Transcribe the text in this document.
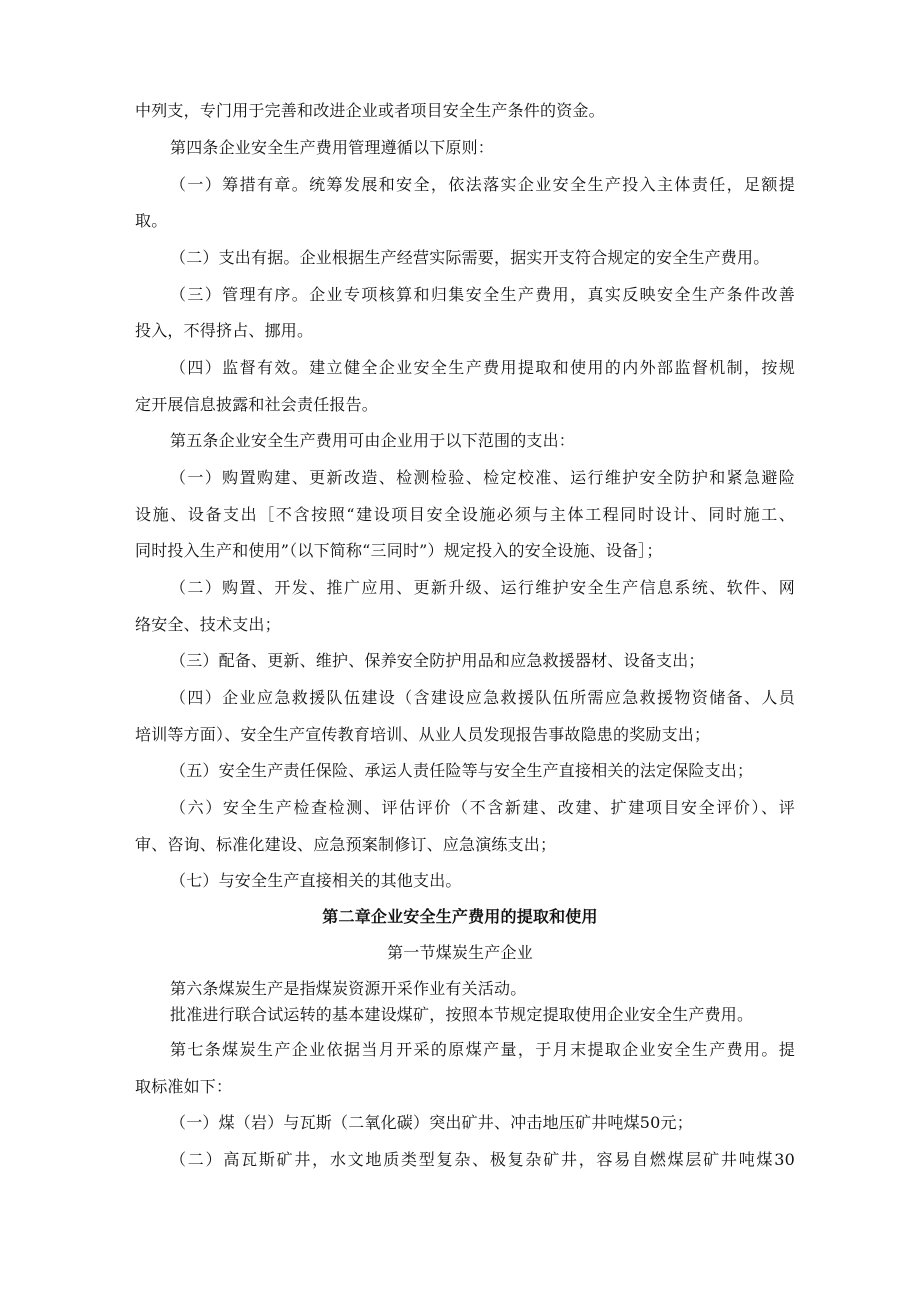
中列支，专门用于完善和改进企业或者项目安全生产条件的资金。
第四条企业安全生产费用管理遵循以下原则：
（一）筹措有章。统筹发展和安全，依法落实企业安全生产投入主体责任，足额提
取。
（二）支出有据。企业根据生产经营实际需要，据实开支符合规定的安全生产费用。
（三）管理有序。企业专项核算和归集安全生产费用，真实反映安全生产条件改善
投入，不得挤占、挪用。
（四）监督有效。建立健全企业安全生产费用提取和使用的内外部监督机制，按规
定开展信息披露和社会责任报告。
第五条企业安全生产费用可由企业用于以下范围的支出：
（一）购置购建、更新改造、检测检验、检定校准、运行维护安全防护和紧急避险
设施、设备支出［不含按照“建设项目安全设施必须与主体工程同时设计、同时施工、
同时投入生产和使用”（以下简称“三同时”）规定投入的安全设施、设备］；
（二）购置、开发、推广应用、更新升级、运行维护安全生产信息系统、软件、网
络安全、技术支出；
（三）配备、更新、维护、保养安全防护用品和应急救援器材、设备支出；
（四）企业应急救援队伍建设（含建设应急救援队伍所需应急救援物资储备、人员
培训等方面）、安全生产宣传教育培训、从业人员发现报告事故隐患的奖励支出；
（五）安全生产责任保险、承运人责任险等与安全生产直接相关的法定保险支出；
（六）安全生产检查检测、评估评价（不含新建、改建、扩建项目安全评价）、评
审、咨询、标准化建设、应急预案制修订、应急演练支出；
（七）与安全生产直接相关的其他支出。
第二章企业安全生产费用的提取和使用
第一节煤炭生产企业
第六条煤炭生产是指煤炭资源开采作业有关活动。
批准进行联合试运转的基本建设煤矿，按照本节规定提取使用企业安全生产费用。
第七条煤炭生产企业依据当月开采的原煤产量，于月末提取企业安全生产费用。提
取标准如下：
（一）煤（岩）与瓦斯（二氧化碳）突出矿井、冲击地压矿井吨煤50元；
（二）高瓦斯矿井，水文地质类型复杂、极复杂矿井，容易自燃煤层矿井吨煤30
